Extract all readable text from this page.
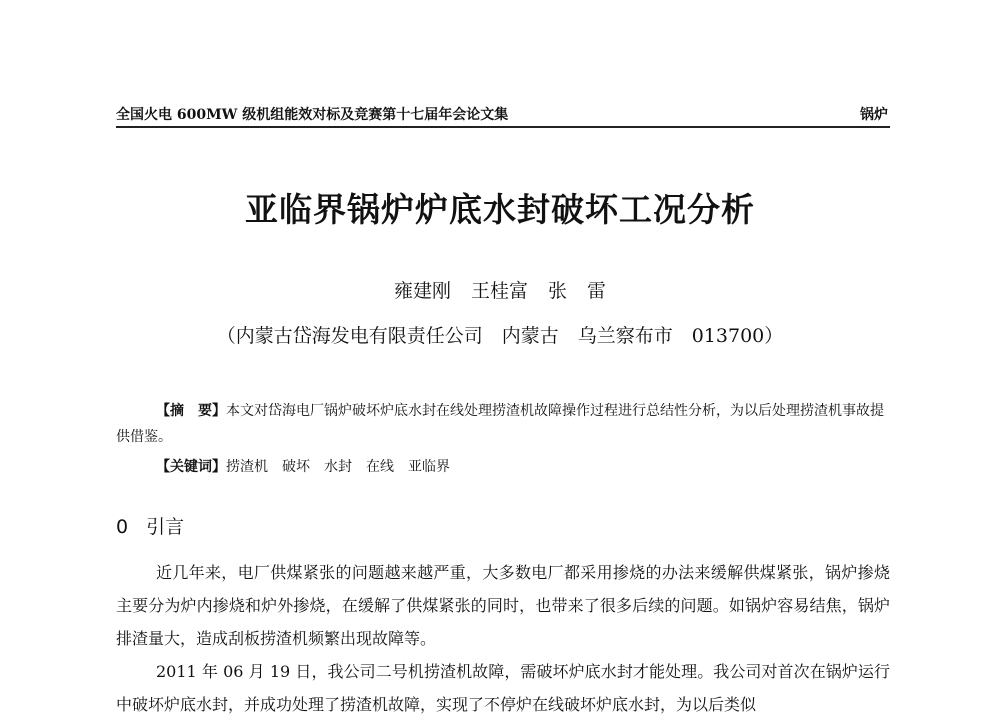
全国火电 600MW 级机组能效对标及竞赛第十七届年会论文集	锅炉
亚临界锅炉炉底水封破坏工况分析
雍建刚 王桂富 张 雷
（内蒙古岱海发电有限责任公司　内蒙古　乌兰察布市　013700）
【摘　要】本文对岱海电厂锅炉破坏炉底水封在线处理捞渣机故障操作过程进行总结性分析，为以后处理捞渣机事故提供借鉴。
【关键词】捞渣机　破坏　水封　在线　亚临界
0 引言

近几年来，电厂供煤紧张的问题越来越严重，大多数电厂都采用掺烧的办法来缓解供煤紧张，锅炉掺烧主要分为炉内掺烧和炉外掺烧，在缓解了供煤紧张的同时，也带来了很多后续的问题。如锅炉容易结焦，锅炉排渣量大，造成刮板捞渣机频繁出现故障等。

2011 年 06 月 19 日，我公司二号机捞渣机故障，需破坏炉底水封才能处理。我公司对首次在锅炉运行中破坏炉底水封，并成功处理了捞渣机故障，实现了不停炉在线破坏炉底水封，为以后类似
